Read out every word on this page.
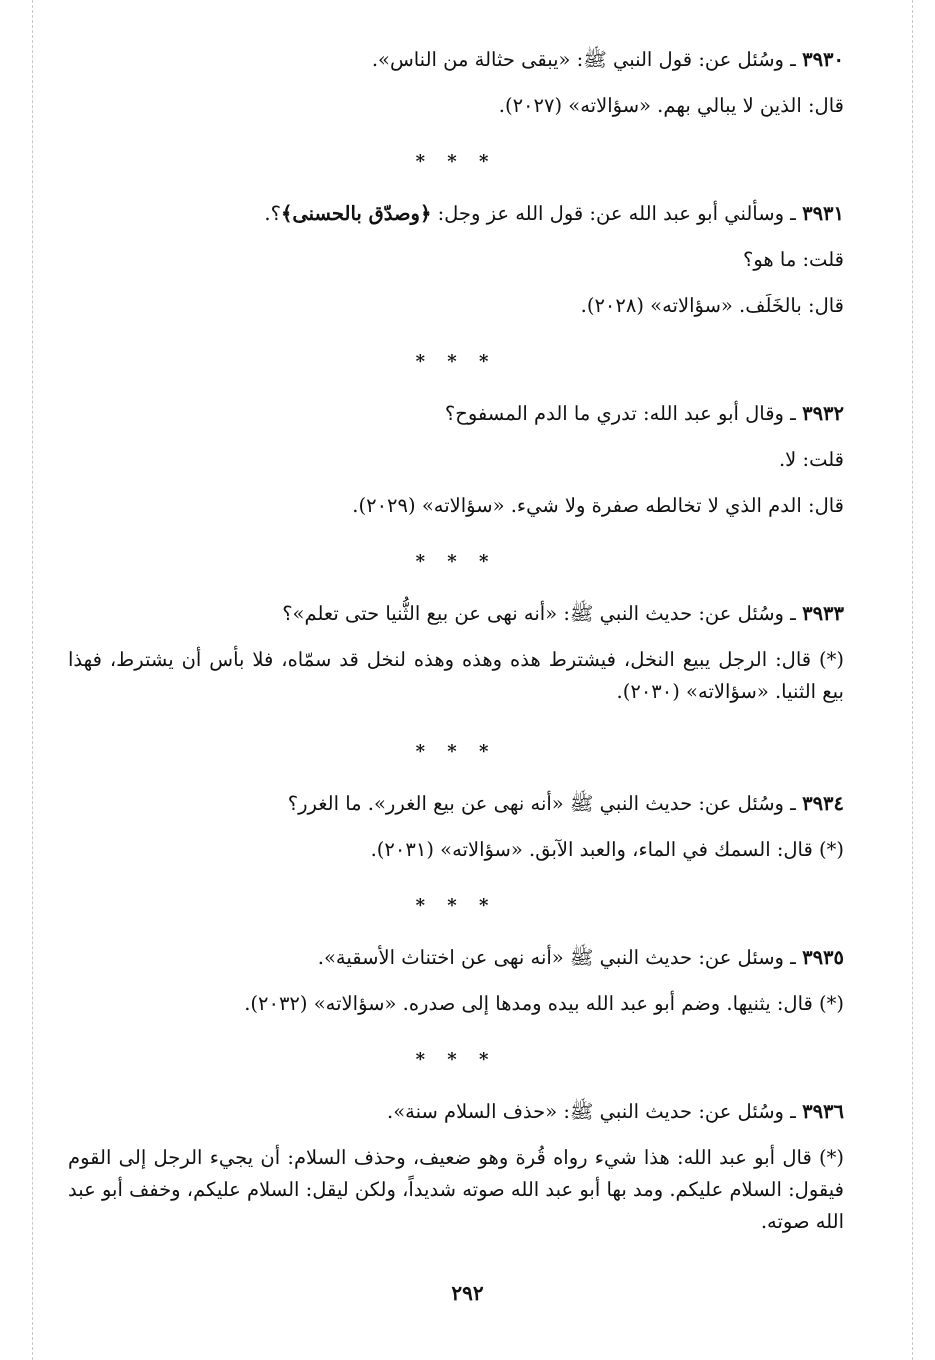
٣٩٣٠ ـ وسُئل عن: قول النبي ﷺ: «يبقى حثالة من الناس».

قال: الذين لا يبالي بهم. «سؤالاته» (٢٠٢٧).

* * *

٣٩٣١ ـ وسألني أبو عبد الله عن: قول الله عز وجل: ﴿وصدّق بالحسنى﴾؟.

قلت: ما هو؟

قال: بالخَلَف. «سؤالاته» (٢٠٢٨).

* * *

٣٩٣٢ ـ وقال أبو عبد الله: تدري ما الدم المسفوح؟

قلت: لا.

قال: الدم الذي لا تخالطه صفرة ولا شيء. «سؤالاته» (٢٠٢٩).

* * *

٣٩٣٣ ـ وسُئل عن: حديث النبي ﷺ: «أنه نهى عن بيع الثُّنيا حتى تعلم»؟

(*) قال: الرجل يبيع النخل، فيشترط هذه وهذه وهذه لنخل قد سمّاه، فلا بأس أن يشترط، فهذا بيع الثنيا. «سؤالاته» (٢٠٣٠).

* * *

٣٩٣٤ ـ وسُئل عن: حديث النبي ﷺ «أنه نهى عن بيع الغرر». ما الغرر؟

(*) قال: السمك في الماء، والعبد الآبق. «سؤالاته» (٢٠٣١).

* * *

٣٩٣٥ ـ وسئل عن: حديث النبي ﷺ «أنه نهى عن اختناث الأسقية».

(*) قال: يثنيها. وضم أبو عبد الله بيده ومدها إلى صدره. «سؤالاته» (٢٠٣٢).

* * *

٣٩٣٦ ـ وسُئل عن: حديث النبي ﷺ: «حذف السلام سنة».

(*) قال أبو عبد الله: هذا شيء رواه قُرة وهو ضعيف، وحذف السلام: أن يجيء الرجل إلى القوم فيقول: السلام عليكم. ومد بها أبو عبد الله صوته شديداً، ولكن ليقل: السلام عليكم، وخفف أبو عبد الله صوته.

٢٩٢
